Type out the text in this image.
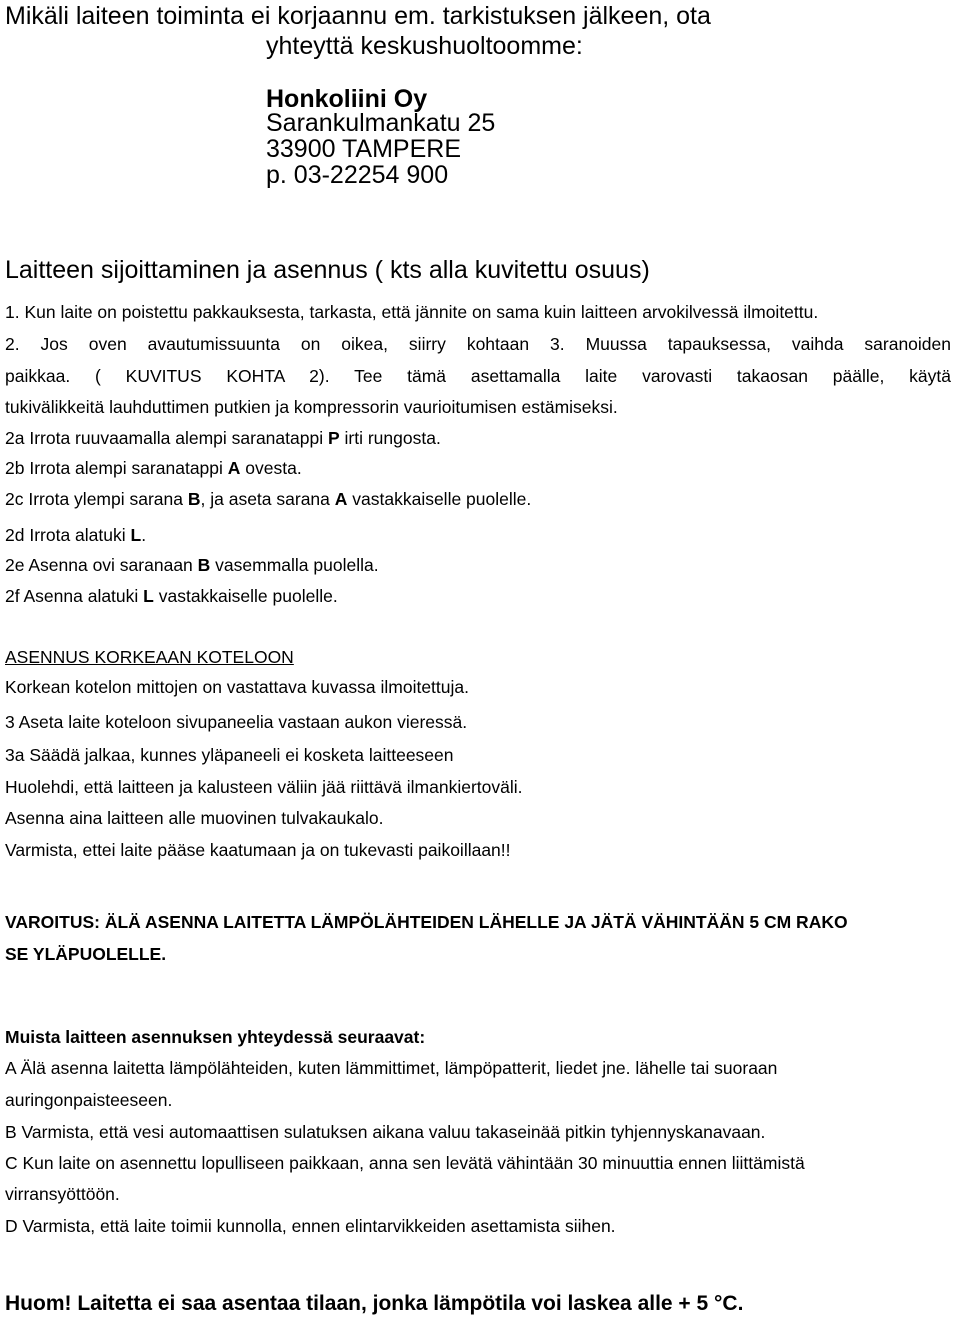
Mikäli laiteen toiminta ei korjaannu em. tarkistuksen jälkeen, ota
yhteyttä keskushuoltoomme:
Honkoliini Oy
Sarankulmankatu 25
33900 TAMPERE
p. 03-22254 900
Laitteen sijoittaminen ja asennus ( kts alla kuvitettu osuus)
1. Kun laite on poistettu pakkauksesta, tarkasta, että jännite on sama kuin laitteen arvokilvessä ilmoitettu.
2. Jos oven avautumissuunta on oikea, siirry kohtaan 3. Muussa tapauksessa, vaihda saranoiden
paikkaa. ( KUVITUS KOHTA 2). Tee tämä asettamalla laite varovasti takaosan päälle, käytä
tukivälikkeitä lauhduttimen putkien ja kompressorin vaurioitumisen estämiseksi.
2a Irrota ruuvaamalla alempi saranatappi P irti rungosta.
2b Irrota alempi saranatappi A ovesta.
2c Irrota ylempi sarana B, ja aseta sarana A vastakkaiselle puolelle.
2d Irrota alatuki L.
2e Asenna ovi saranaan B vasemmalla puolella.
2f Asenna alatuki L vastakkaiselle puolelle.
ASENNUS KORKEAAN KOTELOON
Korkean kotelon mittojen on vastattava kuvassa ilmoitettuja.
3 Aseta laite koteloon sivupaneelia vastaan aukon vieressä.
3a Säädä jalkaa, kunnes yläpaneeli ei kosketa laitteeseen
Huolehdi, että laitteen ja kalusteen väliin jää riittävä ilmankiertoväli.
Asenna aina laitteen alle muovinen tulvakaukalo.
Varmista, ettei laite pääse kaatumaan ja on tukevasti paikoillaan!!
VAROITUS: ÄLÄ ASENNA LAITETTA LÄMPÖLÄHTEIDEN LÄHELLE JA JÄTÄ VÄHINTÄÄN 5 CM RAKO
SE YLÄPUOLELLE.
Muista laitteen asennuksen yhteydessä seuraavat:
A Älä asenna laitetta lämpölähteiden, kuten lämmittimet, lämpöpatterit, liedet jne. lähelle tai suoraan
auringonpaisteeseen.
B Varmista, että vesi automaattisen sulatuksen aikana valuu takaseinää pitkin tyhjennyskanavaan.
C Kun laite on asennettu lopulliseen paikkaan, anna sen levätä vähintään 30 minuuttia ennen liittämistä
virransyöttöön.
D Varmista, että laite toimii kunnolla, ennen elintarvikkeiden asettamista siihen.
Huom! Laitetta ei saa asentaa tilaan, jonka lämpötila voi laskea alle + 5 °C.
